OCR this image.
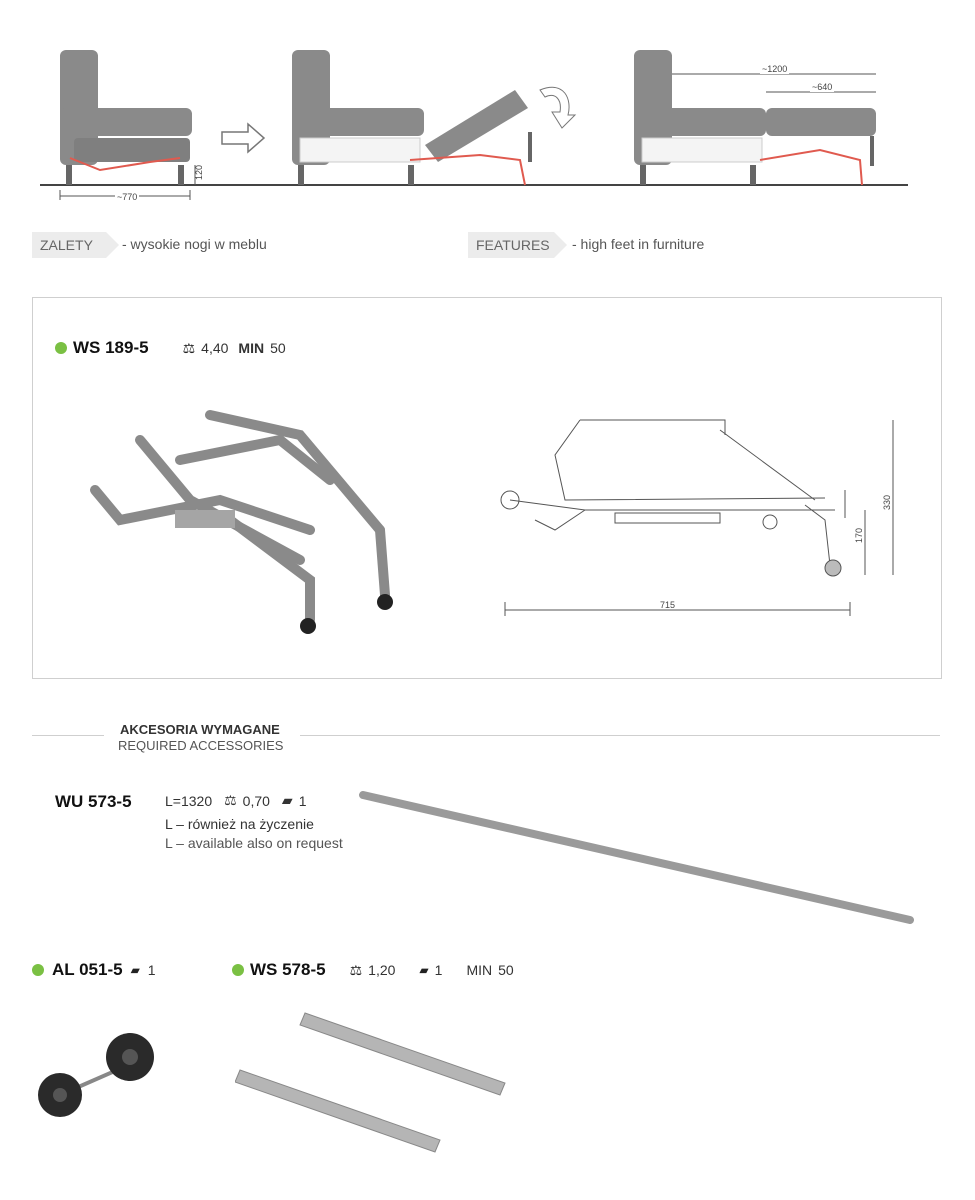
~770
120
~1200
~640
ZALETY	- wysokie nogi w meblu	FEATURES	- high feet in furniture
WS 189-5 ⚖ 4,40 MIN 50
715
330
170
AKCESORIA WYMAGANE
REQUIRED ACCESSORIES
WU 573-5 L=1320 ⚖ 0,70 ▰ 1
L – również na życzenie
L – available also on request
AL 051-5 ▰ 1	WS 578-5 ⚖ 1,20 ▰ 1 MIN 50
